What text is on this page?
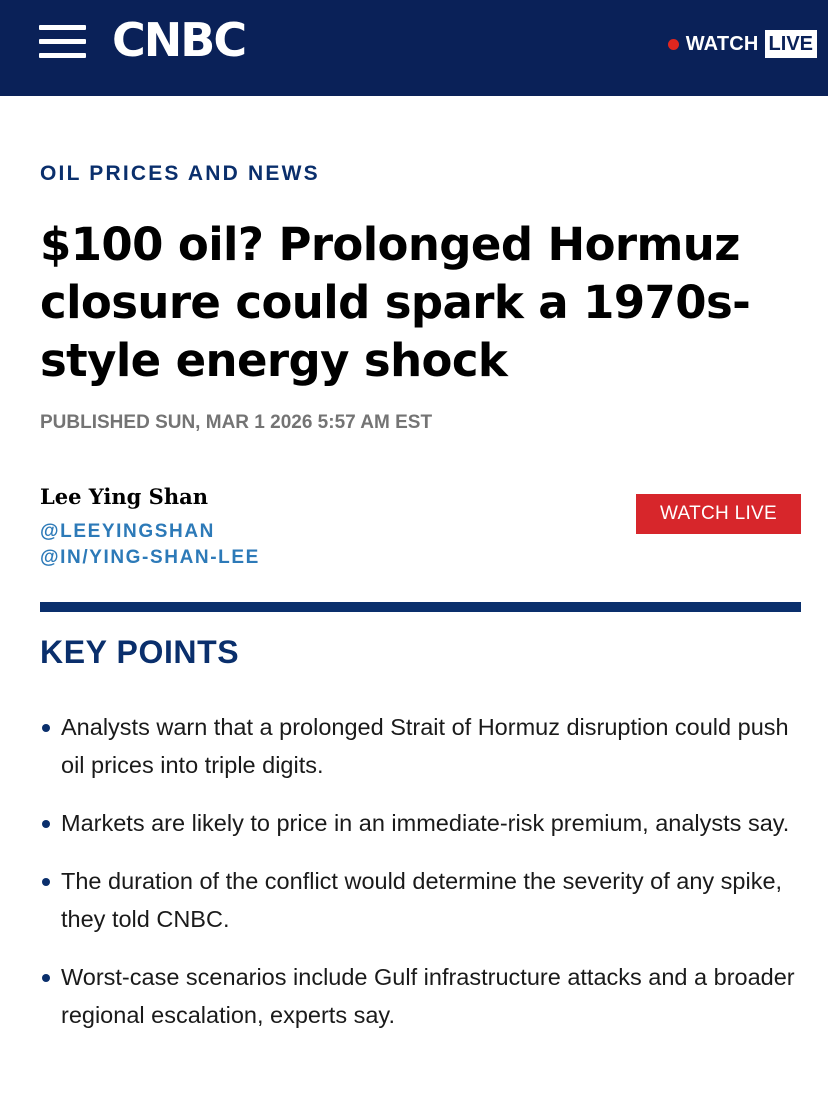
CNBC	WATCH LIVE
OIL PRICES AND NEWS
$100 oil? Prolonged Hormuz closure could spark a 1970s-style energy shock
PUBLISHED SUN, MAR 1 2026 5:57 AM EST
Lee Ying Shan
@LEEYINGSHAN
@IN/YING-SHAN-LEE
WATCH LIVE
KEY POINTS
Analysts warn that a prolonged Strait of Hormuz disruption could push oil prices into triple digits.
Markets are likely to price in an immediate-risk premium, analysts say.
The duration of the conflict would determine the severity of any spike, they told CNBC.
Worst-case scenarios include Gulf infrastructure attacks and a broader regional escalation, experts say.
